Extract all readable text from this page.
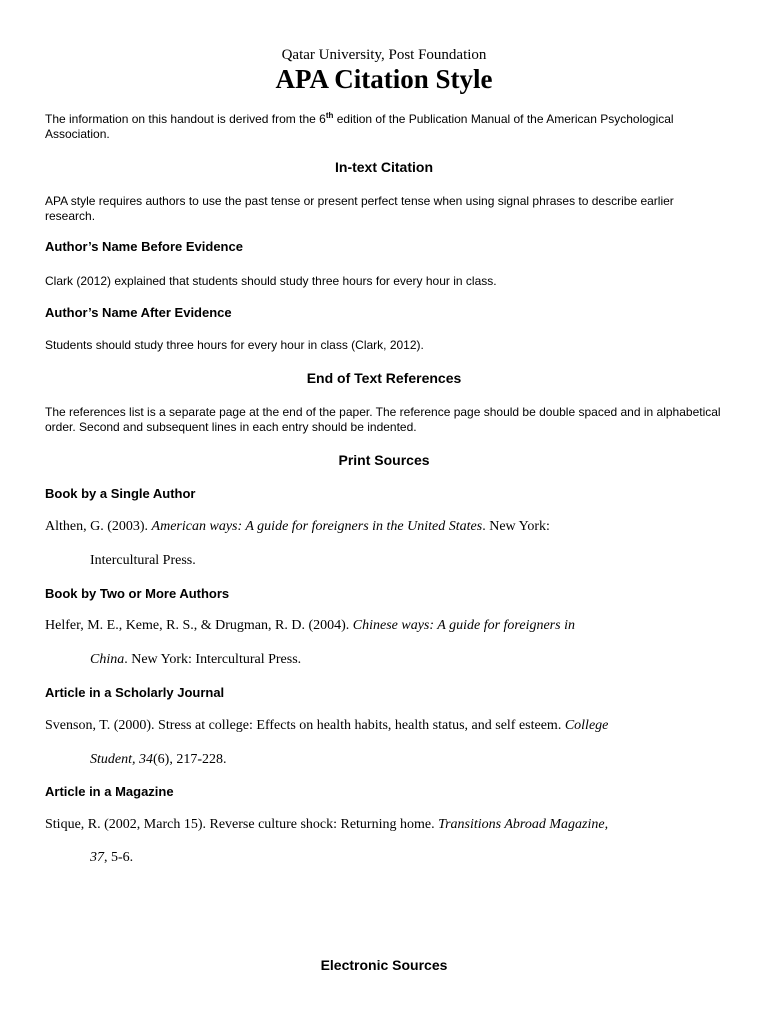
Qatar University, Post Foundation
APA Citation Style
The information on this handout is derived from the 6th edition of the Publication Manual of the American Psychological Association.
In-text Citation
APA style requires authors to use the past tense or present perfect tense when using signal phrases to describe earlier research.
Author’s Name Before Evidence
Clark (2012) explained that students should study three hours for every hour in class.
Author’s Name After Evidence
Students should study three hours for every hour in class (Clark, 2012).
End of Text References
The references list is a separate page at the end of the paper. The reference page should be double spaced and in alphabetical order. Second and subsequent lines in each entry should be indented.
Print Sources
Book by a Single Author
Althen, G. (2003). American ways: A guide for foreigners in the United States. New York:
Intercultural Press.
Book by Two or More Authors
Helfer, M. E., Keme, R. S., & Drugman, R. D. (2004). Chinese ways: A guide for foreigners in
China. New York: Intercultural Press.
Article in a Scholarly Journal
Svenson, T. (2000). Stress at college: Effects on health habits, health status, and self esteem. College
Student, 34(6), 217-228.
Article in a Magazine
Stique, R. (2002, March 15). Reverse culture shock: Returning home. Transitions Abroad Magazine,
37, 5-6.
Electronic Sources
